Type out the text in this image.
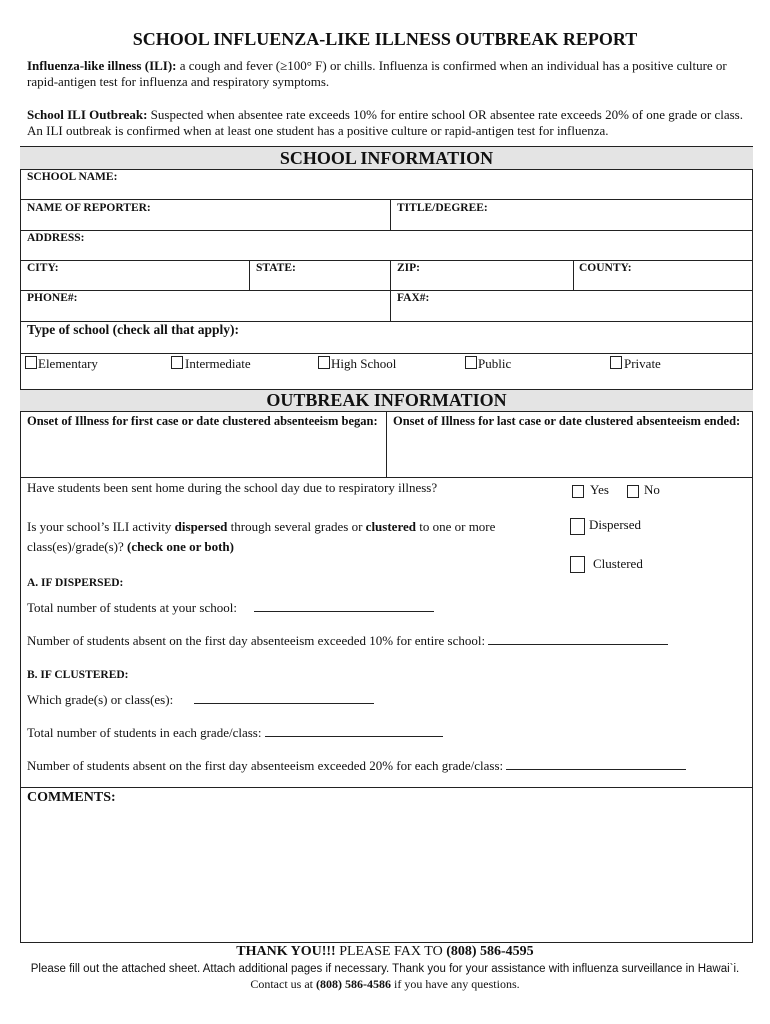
SCHOOL INFLUENZA-LIKE ILLNESS OUTBREAK REPORT
Influenza-like illness (ILI): a cough and fever (≥100° F) or chills. Influenza is confirmed when an individual has a positive culture or rapid-antigen test for influenza and respiratory symptoms.
School ILI Outbreak: Suspected when absentee rate exceeds 10% for entire school OR absentee rate exceeds 20% of one grade or class. An ILI outbreak is confirmed when at least one student has a positive culture or rapid-antigen test for influenza.
SCHOOL INFORMATION
SCHOOL NAME:
NAME OF REPORTER:	TITLE/DEGREE:
ADDRESS:
CITY:	STATE:	ZIP:	COUNTY:
PHONE#:	FAX#:
Type of school (check all that apply):
Elementary	Intermediate	High School	Public	Private
OUTBREAK INFORMATION
Onset of Illness for first case or date clustered absenteeism began: Onset of Illness for last case or date clustered absenteeism ended:
Have students been sent home during the school day due to respiratory illness?	Yes	No
Is your school’s ILI activity dispersed through several grades or clustered to one or more class(es)/grade(s)? (check one or both)
Dispersed
Clustered
A. IF DISPERSED:
Total number of students at your school:
Number of students absent on the first day absenteeism exceeded 10% for entire school:
B. IF CLUSTERED:
Which grade(s) or class(es):
Total number of students in each grade/class:
Number of students absent on the first day absenteeism exceeded 20% for each grade/class:
COMMENTS:
THANK YOU!!! PLEASE FAX TO (808) 586-4595
Please fill out the attached sheet. Attach additional pages if necessary. Thank you for your assistance with influenza surveillance in Hawai`i.
Contact us at (808) 586-4586 if you have any questions.
